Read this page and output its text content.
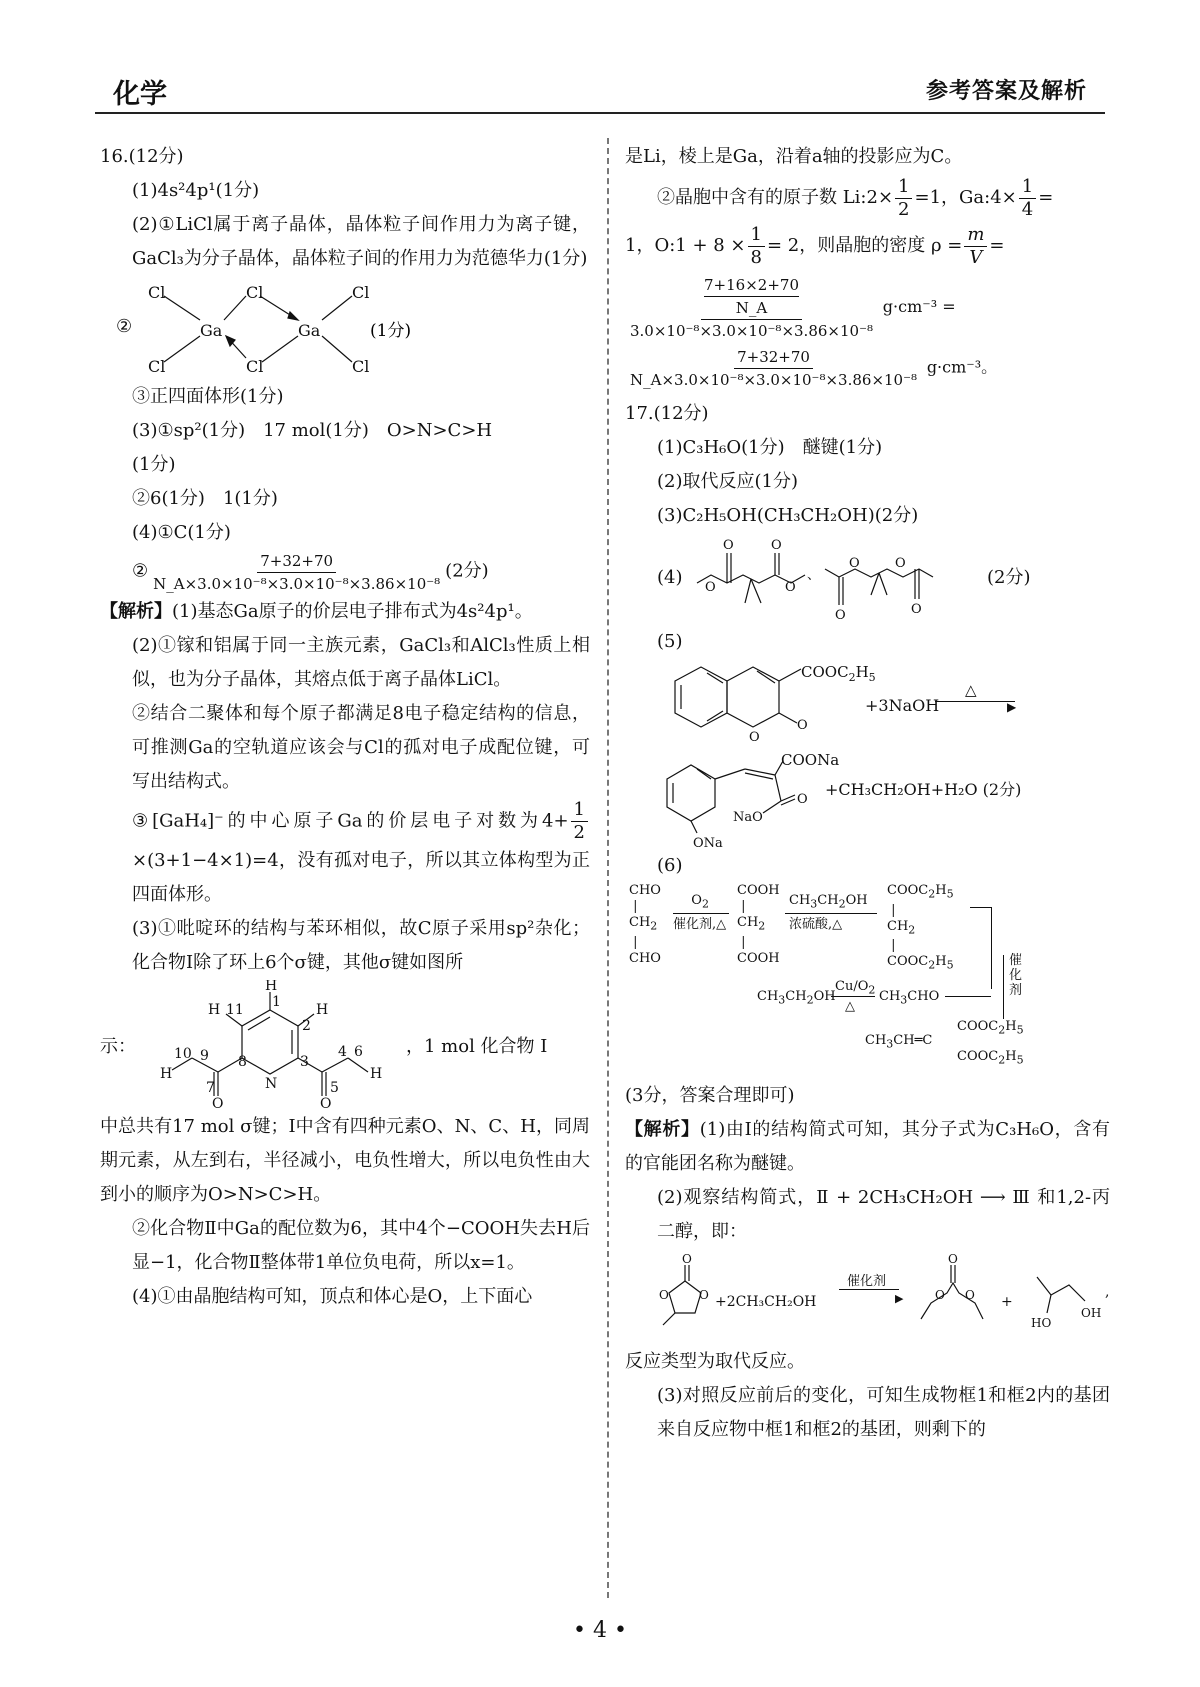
化学	参考答案及解析

16.(12分)

(1)4s²4p¹(1分)

(2)①LiCl属于离子晶体，晶体粒子间作用力为离子键，GaCl₃为分子晶体，晶体粒子间的作用力为范德华力(1分)

②
Cl
Cl
Ga
Cl
Cl
Ga
Cl
Cl
(1分)

③正四面体形(1分)

(3)①sp²(1分)　17 mol(1分)　O>N>C>H

(1分)

②6(1分)　1(1分)

(4)①C(1分)

② $\frac{7+32+70}{\text{N\_A×3.0×10⁻⁸×3.0×10⁻⁸×3.86×10⁻⁸}} (2$分)

【解析】(1)基态Ga原子的价层电子排布式为4s²4p¹。

(2)①镓和铝属于同一主族元素，GaCl₃和AlCl₃性质上相似，也为分子晶体，其熔点低于离子晶体LiCl。

②结合二聚体和每个原子都满足8电子稳定结构的信息，可推测Ga的空轨道应该会与Cl的孤对电子成配位键，可写出结构式。

③[GaH₄]⁻的中心原子Ga的价层电子对数为$4+ \frac{1}{2}$
×(3+1−4×1)=4，没有孤对电子，所以其立体构型为正四面体形。

(3)①吡啶环的结构与苯环相似，故C原子采用sp²杂化；化合物Ⅰ除了环上6个σ键，其他σ键如图所

示：
H
1
H 11	H
2
N
3
8
H
10 9
7
O
4
5
O
6
H
，1 mol 化合物 Ⅰ

中总共有17 mol σ键；Ⅰ中含有四种元素O、N、C、H，同周期元素，从左到右，半径减小，电负性增大，所以电负性由大到小的顺序为O>N>C>H。

②化合物Ⅱ中Ga的配位数为6，其中4个−COOH失去H后显−1，化合物Ⅱ整体带1单位负电荷，所以x=1。

(4)①由晶胞结构可知，顶点和体心是O，上下面心

是Li，棱上是Ga，沿着a轴的投影应为C。

②晶胞中含有的原子数 Li:2× $\frac{1}{2} =1$，Ga:4× $\frac{1}{4}$ =

1，O:1 + $8 \times \frac{1}{8} = 2$，则晶胞的密度 $\rho = \frac{m}{V}$ =

7+16×2+70
N_A
3.0×10⁻⁸×3.0×10⁻⁸×3.86×10⁻⁸ g·cm⁻³ =
$\frac{7+32+70}{\text{N\_A×3.0×10⁻⁸×3.0×10⁻⁸×3.86×10⁻⁸}} g\cdot cm^{-3}$。

17.(12分)

(1)C₃H₆O(1分)　醚键(1分)

(2)取代反应(1分)

(3)C₂H₅OH(CH₃CH₂OH)(2分)

(4)
O	O
O	O
、
O	O
O	O
(2分)

(5)

O
O
$COOC_2H_5$
+3NaOH
△
▶
O
NaO
ONa
COONa
+CH₃CH₂OH+H₂O (2分)

(6)

CHO
|
$CH_2$
|
CHO
$O_2$
催化剂,△
COOH
|
$CH_2$
|
COOH
$CH_3CH_2OH$
浓硫酸,△
$COOC_2H_5$
|
$CH_2$
|
$COOC_2H_5$	催
化
剂
$CH_3CH_2OH$
$Cu/O_2$
△
$CH_3CHO$
$CH_3CH═C$
$COOC_2H_5$
$COOC_2H_5$

(3分，答案合理即可)

【解析】(1)由Ⅰ的结构简式可知，其分子式为C₃H₆O，含有的官能团名称为醚键。

(2)观察结构简式，Ⅱ + 2CH₃CH₂OH ⟶ Ⅲ 和1,2-丙二醇，即：

O
O	O +2CH₃CH₂OH
催化剂
▶
O
O O +
HO
OH
,

反应类型为取代反应。

(3)对照反应前后的变化，可知生成物框1和框2内的基团来自反应物中框1和框2的基团，则剩下的

• 4 •
